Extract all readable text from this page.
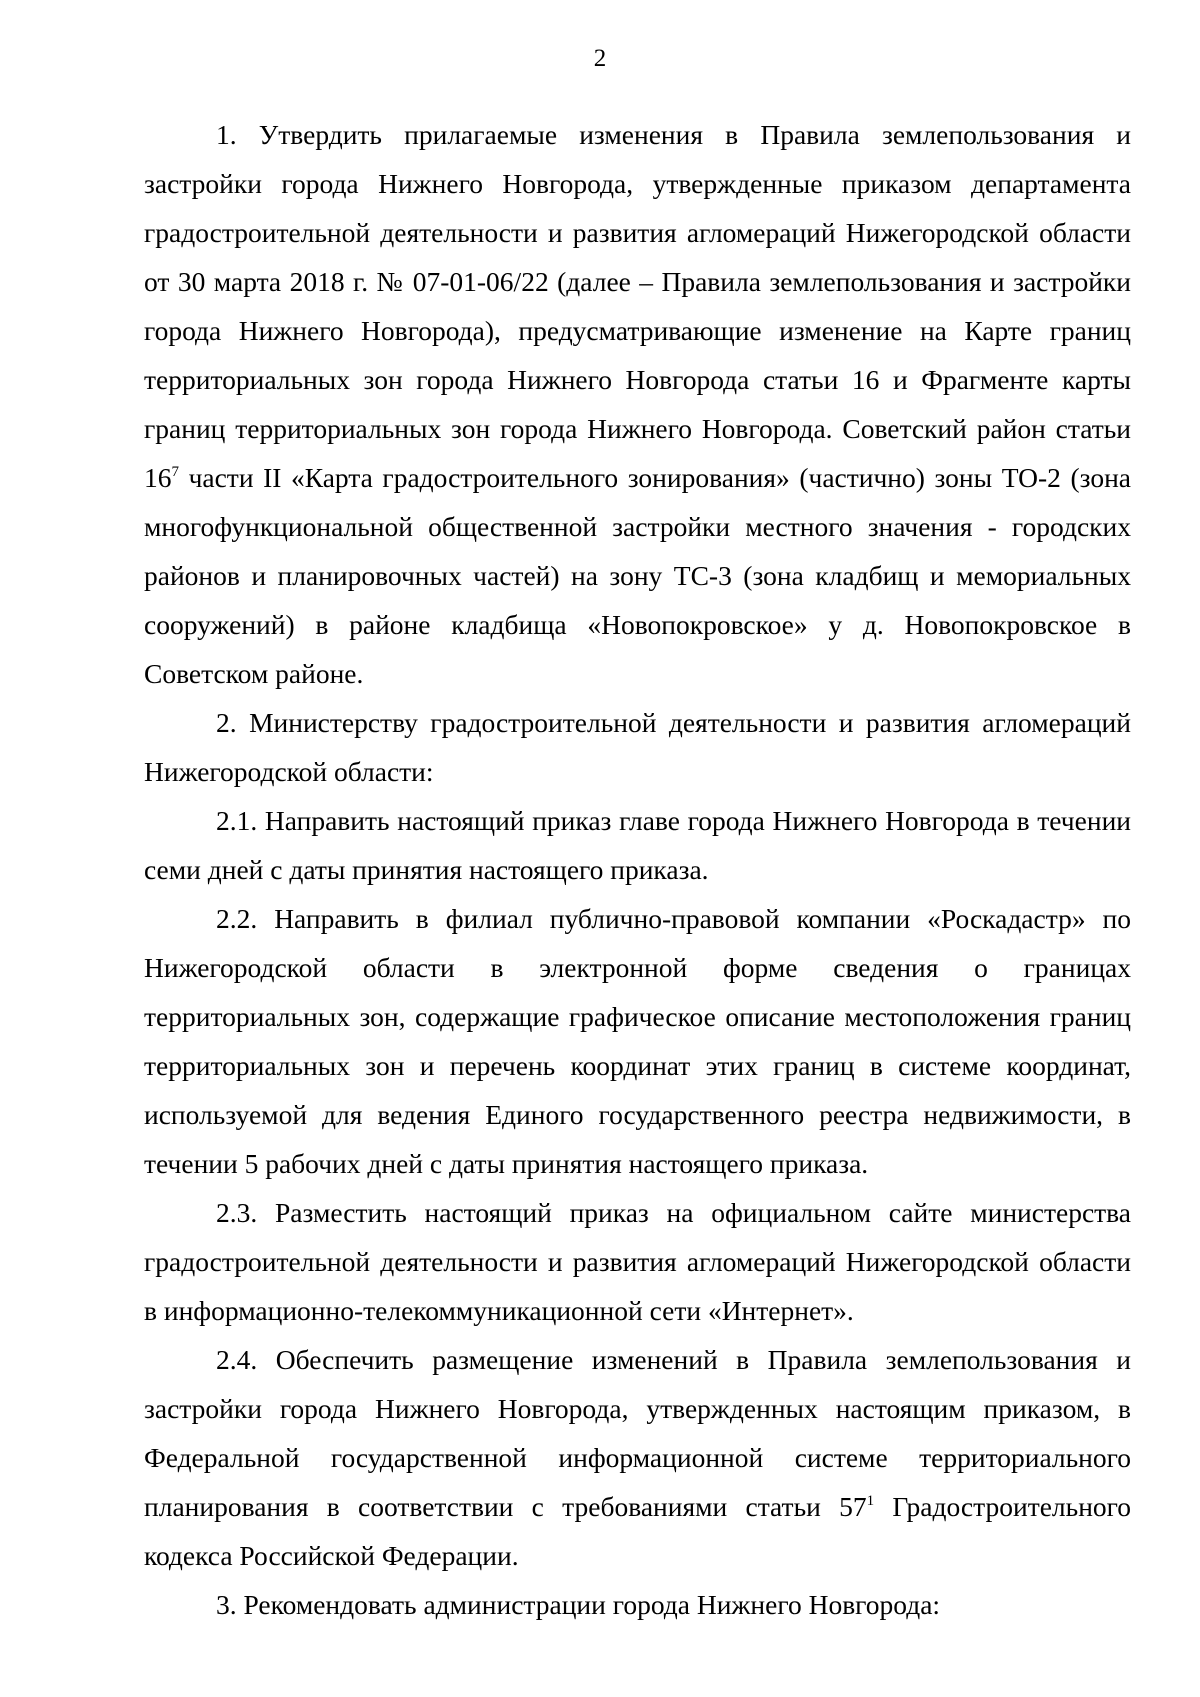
2

1. Утвердить прилагаемые изменения в Правила землепользования и застройки города Нижнего Новгорода, утвержденные приказом департамента градостроительной деятельности и развития агломераций Нижегородской области от 30 марта 2018 г. № 07-01-06/22 (далее – Правила землепользования и застройки города Нижнего Новгорода), предусматривающие изменение на Карте границ территориальных зон города Нижнего Новгорода статьи 16 и Фрагменте карты границ территориальных зон города Нижнего Новгорода. Советский район статьи $16^7$ части II «Карта градостроительного зонирования» (частично) зоны ТО-2 (зона многофункциональной общественной застройки местного значения - городских районов и планировочных частей) на зону ТС-3 (зона кладбищ и мемориальных сооружений) в районе кладбища «Новопокровское» у д. Новопокровское в Советском районе.

2. Министерству градостроительной деятельности и развития агломераций Нижегородской области:

2.1. Направить настоящий приказ главе города Нижнего Новгорода в течении семи дней с даты принятия настоящего приказа.

2.2. Направить в филиал публично-правовой компании «Роскадастр» по Нижегородской области в электронной форме сведения о границах территориальных зон, содержащие графическое описание местоположения границ территориальных зон и перечень координат этих границ в системе координат, используемой для ведения Единого государственного реестра недвижимости, в течении 5 рабочих дней с даты принятия настоящего приказа.

2.3. Разместить настоящий приказ на официальном сайте министерства градостроительной деятельности и развития агломераций Нижегородской области в информационно-телекоммуникационной сети «Интернет».

2.4. Обеспечить размещение изменений в Правила землепользования и застройки города Нижнего Новгорода, утвержденных настоящим приказом, в Федеральной государственной информационной системе территориального планирования в соответствии с требованиями статьи $57^1$ Градостроительного кодекса Российской Федерации.

3. Рекомендовать администрации города Нижнего Новгорода:
